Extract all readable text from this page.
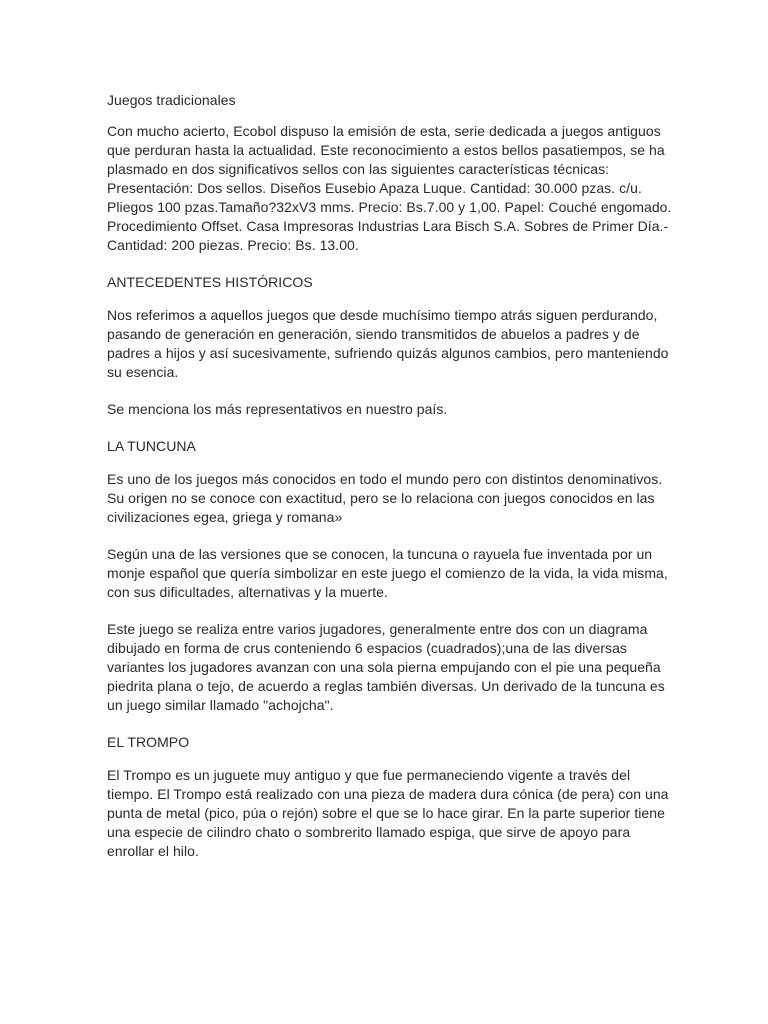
Juegos tradicionales

Con mucho acierto, Ecobol dispuso la emisión de esta, serie dedicada a juegos antiguos que perduran hasta la actualidad. Este reconocimiento a estos bellos pasatiempos, se ha plasmado en dos significativos sellos con las siguientes características técnicas: Presentación: Dos sellos. Diseños Eusebio Apaza Luque. Cantidad: 30.000 pzas. c/u. Pliegos 100 pzas.Tamaño?32xV3 mms. Precio: Bs.7.00 y 1,00. Papel: Couché engomado. Procedimiento Offset. Casa Impresoras Industrias Lara Bisch S.A. Sobres de Primer Día.- Cantidad: 200 piezas. Precio: Bs. 13.00.

ANTECEDENTES HISTÓRICOS

Nos referimos a aquellos juegos que desde muchísimo tiempo atrás siguen perdurando, pasando de generación en generación, siendo transmitidos de abuelos a padres y de padres a hijos y así sucesivamente, sufriendo quizás algunos cambios, pero manteniendo su esencia.

Se menciona los más representativos en nuestro país.

LA TUNCUNA

Es uno de los juegos más conocidos en todo el mundo pero con distintos denominativos. Su origen no se conoce con exactitud, pero se lo relaciona con juegos conocidos en las civilizaciones egea, griega y romana»

Según una de las versiones que se conocen, la tuncuna o rayuela fue inventada por un monje español que quería simbolizar en este juego el comienzo de la vida, la vida misma, con sus dificultades, alternativas y la muerte.

Este juego se realiza entre varios jugadores, generalmente entre dos con un diagrama dibujado en forma de crus conteniendo 6 espacios (cuadrados);una de las diversas variantes los jugadores avanzan con una sola pierna empujando con el pie una pequeña piedrita plana o tejo, de acuerdo a reglas también diversas. Un derivado de la tuncuna es un juego similar llamado "achojcha".

EL TROMPO

El Trompo es un juguete muy antiguo y que fue permaneciendo vigente a través del tiempo. El Trompo está realizado con una pieza de madera dura cónica (de pera) con una punta de metal (pico, púa o rejón) sobre el que se lo hace girar. En la parte superior tiene una especie de cilindro chato o sombrerito llamado espiga, que sirve de apoyo para enrollar el hilo.
